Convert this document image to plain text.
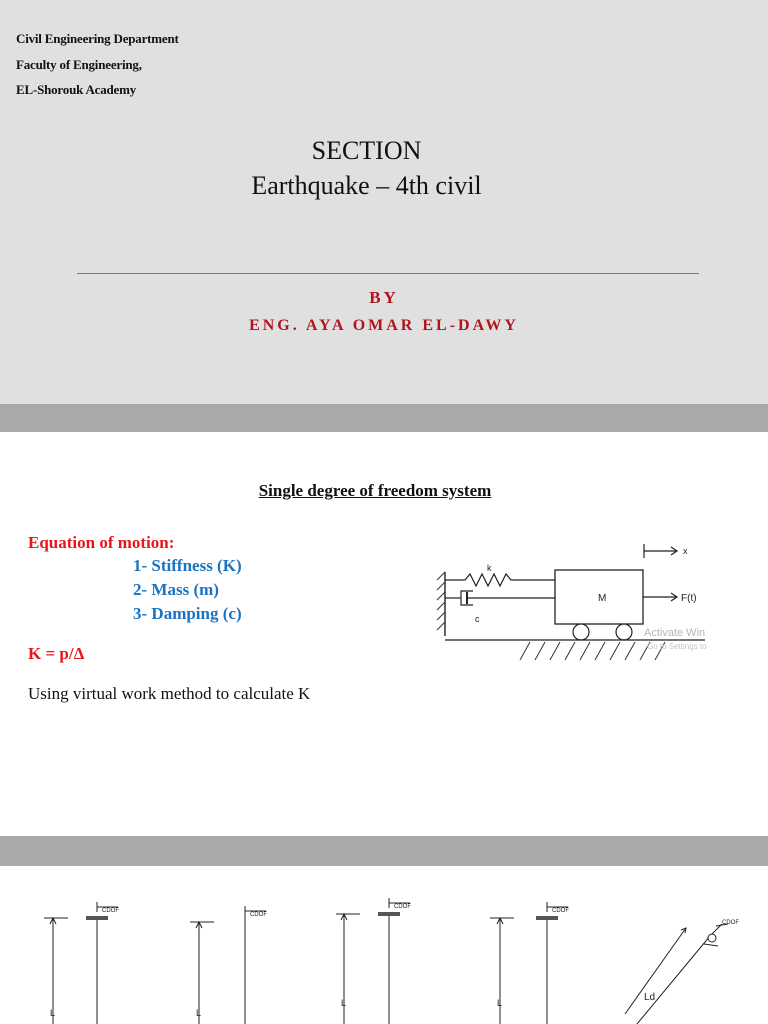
Civil Engineering Department
Faculty of Engineering,
EL-Shorouk Academy
SECTION
Earthquake – 4th civil
BY
ENG. AYA OMAR EL-DAWY
Single degree of freedom system
Equation of motion:
1- Stiffness (K)
2- Mass (m)
3- Damping (c)
K = p/Δ
Using virtual work method to calculate K
k
c
M	F(t)
x
Activate Win
Go to Settings to
L
CDOF
L
CDOF
L
CDOF
L
CDOF
Ld
CDOF
